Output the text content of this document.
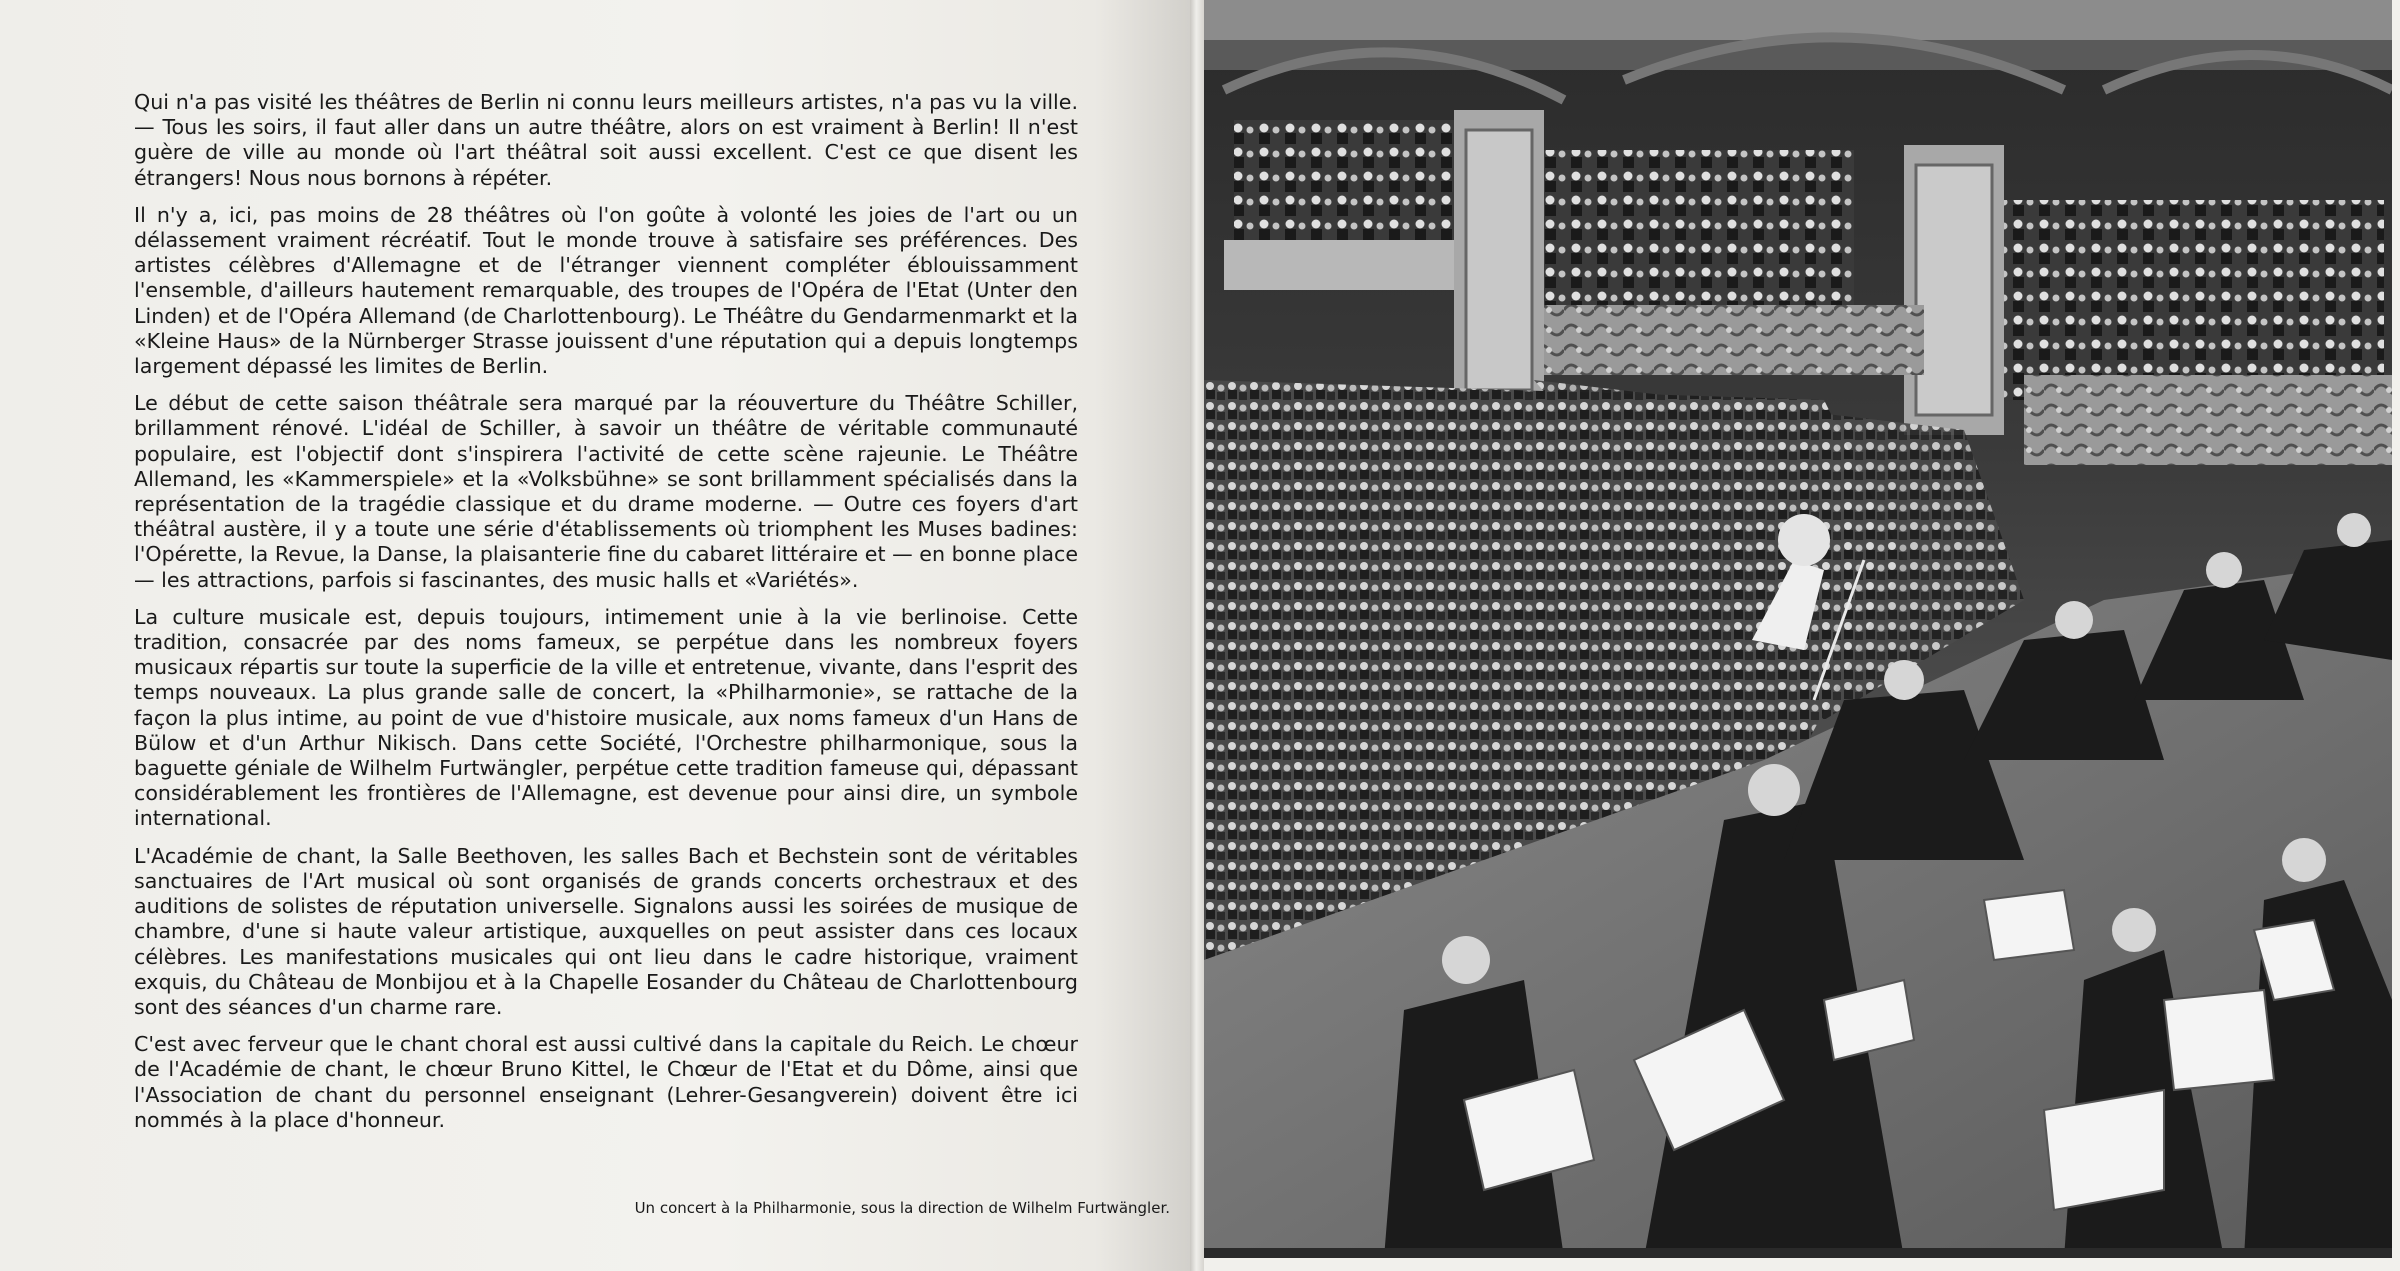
Qui n'a pas visité les théâtres de Berlin ni connu leurs meilleurs artistes, n'a pas vu la ville. — Tous les soirs, il faut aller dans un autre théâtre, alors on est vraiment à Berlin! Il n'est guère de ville au monde où l'art théâtral soit aussi excellent. C'est ce que disent les étrangers! Nous nous bornons à répéter.

Il n'y a, ici, pas moins de 28 théâtres où l'on goûte à volonté les joies de l'art ou un délassement vraiment récréatif. Tout le monde trouve à satisfaire ses préférences. Des artistes célèbres d'Allemagne et de l'étranger viennent compléter éblouissamment l'ensemble, d'ailleurs hautement remarquable, des troupes de l'Opéra de l'Etat (Unter den Linden) et de l'Opéra Allemand (de Charlottenbourg). Le Théâtre du Gendarmenmarkt et la «Kleine Haus» de la Nürnberger Strasse jouissent d'une réputation qui a depuis longtemps largement dépassé les limites de Berlin.

Le début de cette saison théâtrale sera marqué par la réouverture du Théâtre Schiller, brillamment rénové. L'idéal de Schiller, à savoir un théâtre de véritable communauté populaire, est l'objectif dont s'inspirera l'activité de cette scène rajeunie. Le Théâtre Allemand, les «Kammerspiele» et la «Volksbühne» se sont brillamment spécialisés dans la représentation de la tragédie classique et du drame moderne. — Outre ces foyers d'art théâtral austère, il y a toute une série d'établissements où triomphent les Muses badines: l'Opérette, la Revue, la Danse, la plaisanterie fine du cabaret littéraire et — en bonne place — les attractions, parfois si fascinantes, des music halls et «Variétés».

La culture musicale est, depuis toujours, intimement unie à la vie berlinoise. Cette tradition, consacrée par des noms fameux, se perpétue dans les nombreux foyers musicaux répartis sur toute la superficie de la ville et entretenue, vivante, dans l'esprit des temps nouveaux. La plus grande salle de concert, la «Philharmonie», se rattache de la façon la plus intime, au point de vue d'histoire musicale, aux noms fameux d'un Hans de Bülow et d'un Arthur Nikisch. Dans cette Société, l'Orchestre philharmonique, sous la baguette géniale de Wilhelm Furtwängler, perpétue cette tradition fameuse qui, dépassant considérablement les frontières de l'Allemagne, est devenue pour ainsi dire, un symbole international.

L'Académie de chant, la Salle Beethoven, les salles Bach et Bechstein sont de véritables sanctuaires de l'Art musical où sont organisés de grands concerts orchestraux et des auditions de solistes de réputation universelle. Signalons aussi les soirées de musique de chambre, d'une si haute valeur artistique, auxquelles on peut assister dans ces locaux célèbres. Les manifestations musicales qui ont lieu dans le cadre historique, vraiment exquis, du Château de Monbijou et à la Chapelle Eosander du Château de Charlottenbourg sont des séances d'un charme rare.

C'est avec ferveur que le chant choral est aussi cultivé dans la capitale du Reich. Le chœur de l'Académie de chant, le chœur Bruno Kittel, le Chœur de l'Etat et du Dôme, ainsi que l'Association de chant du personnel enseignant (Lehrer-Gesangverein) doivent être ici nommés à la place d'honneur.

Un concert à la Philharmonie, sous la direction de Wilhelm Furtwängler.
